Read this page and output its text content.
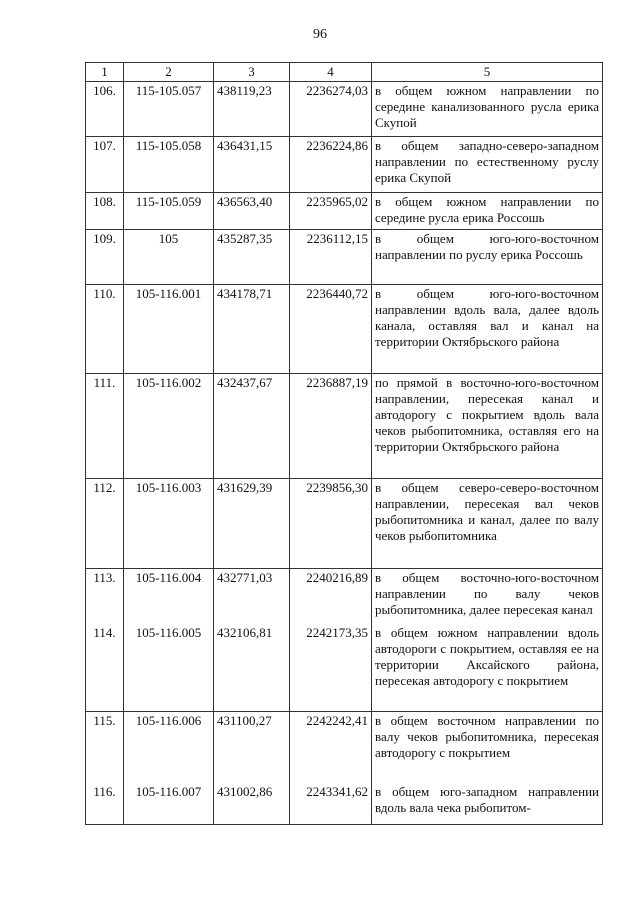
96
1	2	3	4	5
106.	115-105.057	438119,23	2236274,03	в общем южном направлении по середине канализованного русла ерика Скупой
107.	115-105.058	436431,15	2236224,86	в общем западно-северо-западном направлении по естественному руслу ерика Скупой
108.	115-105.059	436563,40	2235965,02	в общем южном направлении по середине русла ерика Россошь
109.	105	435287,35	2236112,15	в общем юго-юго-восточном направлении по руслу ерика Россошь
110.	105-116.001	434178,71	2236440,72	в общем юго-юго-восточном направлении вдоль вала, далее вдоль канала, оставляя вал и канал на территории Октябрьского района
111.	105-116.002	432437,67	2236887,19	по прямой в восточно-юго-восточном направлении, пересекая канал и автодорогу с покрытием вдоль вала чеков рыбопитомника, оставляя его на территории Октябрьского района
112.	105-116.003	431629,39	2239856,30	в общем северо-северо-восточном направлении, пересекая вал чеков рыбопитомника и канал, далее по валу чеков рыбопитомника
113.	105-116.004	432771,03	2240216,89	в общем восточно-юго-восточном направлении по валу чеков рыбопитомника, далее пересекая канал
114.	105-116.005	432106,81	2242173,35	в общем южном направлении вдоль автодороги с покрытием, оставляя ее на территории Аксайского района, пересекая автодорогу с покрытием
115.	105-116.006	431100,27	2242242,41	в общем восточном направлении по валу чеков рыбопитомника, пересекая автодорогу с покрытием
116.	105-116.007	431002,86	2243341,62	в общем юго-западном направлении вдоль вала чека рыбопитом-
